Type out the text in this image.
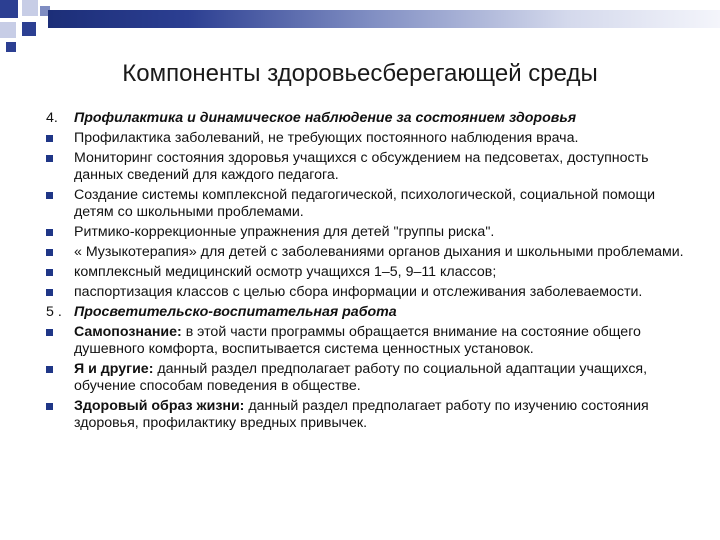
Компоненты здоровьесберегающей среды
4.	Профилактика и динамическое наблюдение за состоянием здоровья
Профилактика заболеваний, не требующих постоянного наблюдения врача.
Мониторинг состояния здоровья учащихся с обсуждением на педсоветах, доступность данных сведений для каждого педагога.
Создание системы комплексной педагогической, психологической, социальной помощи детям со школьными проблемами.
Ритмико-коррекционные упражнения для детей "группы риска".
« Музыкотерапия» для детей с заболеваниями органов дыхания и школьными проблемами.
комплексный медицинский осмотр учащихся 1–5, 9–11 классов;
паспортизация классов с целью сбора информации и отслеживания заболеваемости.
5 . Просветительско-воспитательная работа
Самопознание: в этой части программы обращается внимание на состояние общего душевного комфорта, воспитывается система ценностных установок.
Я и другие: данный раздел предполагает работу по социальной адаптации учащихся, обучение способам поведения в обществе.
Здоровый образ жизни: данный раздел предполагает работу по изучению состояния здоровья, профилактику вредных привычек.
